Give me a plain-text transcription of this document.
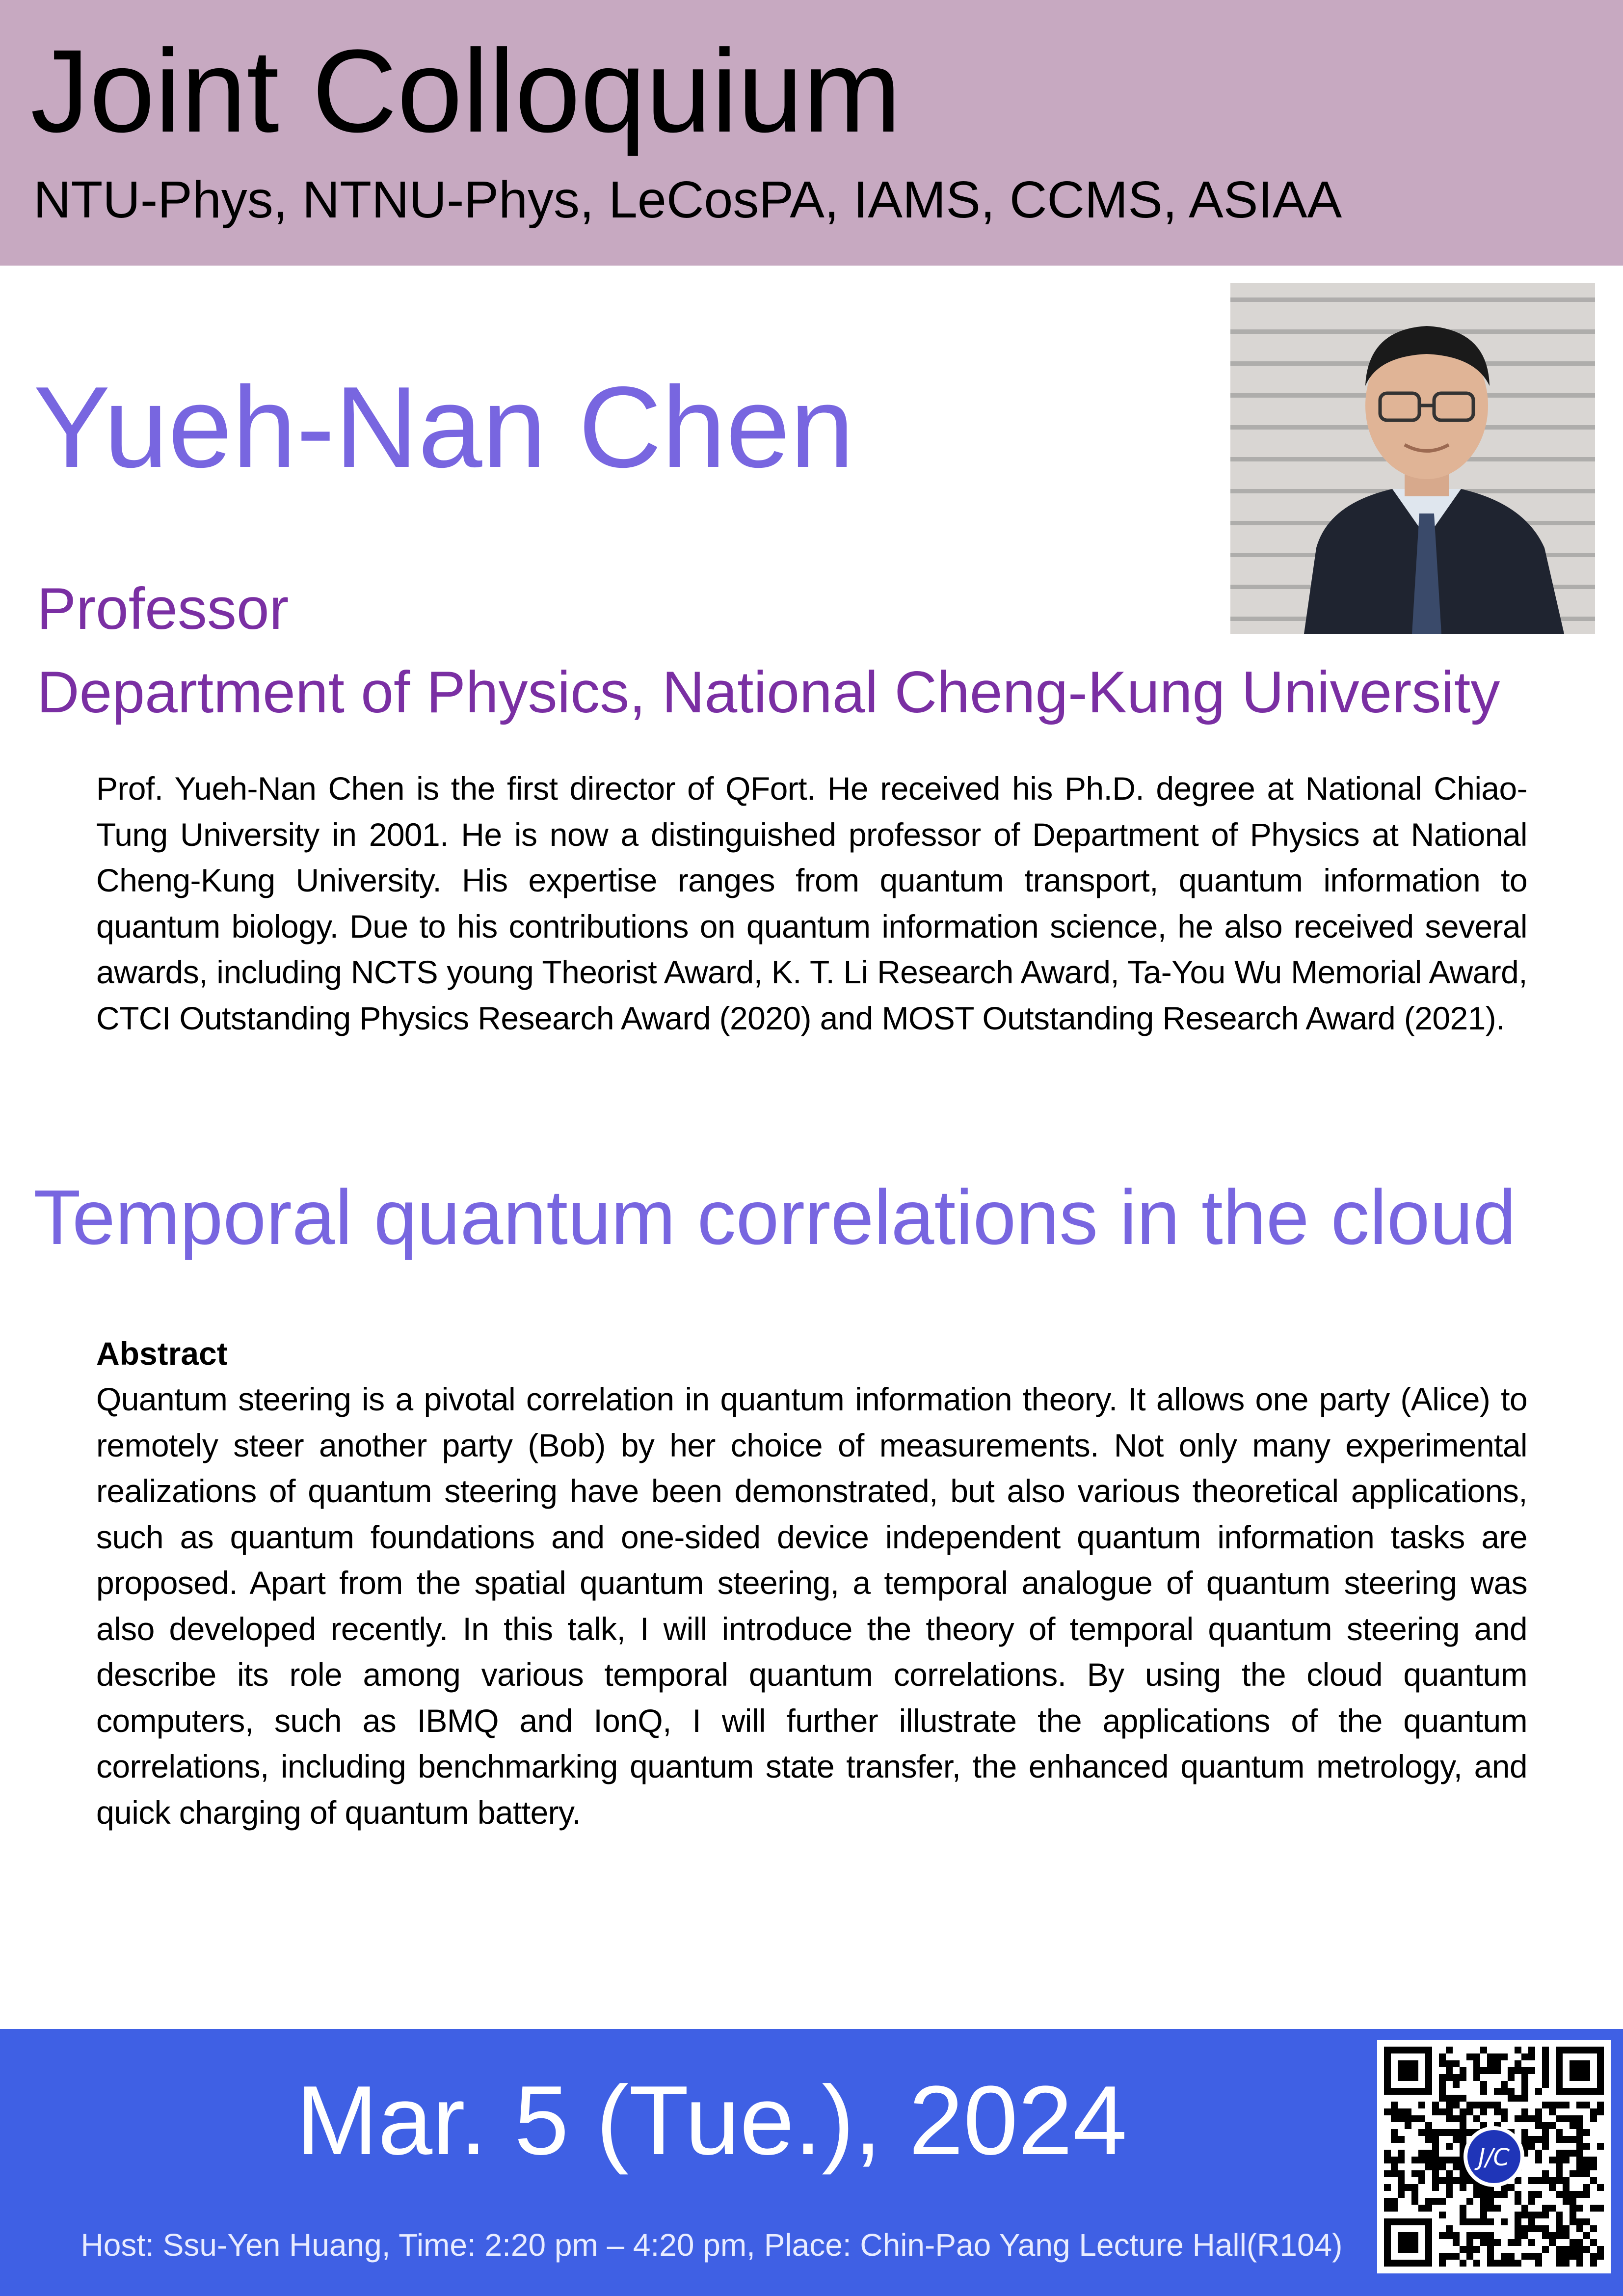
Joint Colloquium
NTU-Phys, NTNU-Phys, LeCosPA, IAMS, CCMS, ASIAA
Yueh-Nan Chen
Professor
Department of Physics, National Cheng-Kung University
Prof. Yueh-Nan Chen is the first director of QFort. He received his Ph.D. degree at National Chiao-Tung University in 2001. He is now a distinguished professor of Department of Physics at National Cheng-Kung University. His expertise ranges from quantum transport, quantum information to quantum biology. Due to his contributions on quantum information science, he also received several awards, including NCTS young Theorist Award, K. T. Li Research Award, Ta-You Wu Memorial Award, CTCI Outstanding Physics Research Award (2020) and MOST Outstanding Research Award (2021).
Temporal quantum correlations in the cloud
Abstract
Quantum steering is a pivotal correlation in quantum information theory. It allows one party (Alice) to remotely steer another party (Bob) by her choice of measurements. Not only many experimental realizations of quantum steering have been demonstrated, but also various theoretical applications, such as quantum foundations and one-sided device independent quantum information tasks are proposed. Apart from the spatial quantum steering, a temporal analogue of quantum steering was also developed recently. In this talk, I will introduce the theory of temporal quantum steering and describe its role among various temporal quantum correlations. By using the cloud quantum computers, such as IBMQ and IonQ, I will further illustrate the applications of the quantum correlations, including benchmarking quantum state transfer, the enhanced quantum metrology, and quick charging of quantum battery.
Mar. 5 (Tue.), 2024
Host: Ssu-Yen Huang, Time: 2:20 pm – 4:20 pm, Place: Chin-Pao Yang Lecture Hall(R104)
J/C
